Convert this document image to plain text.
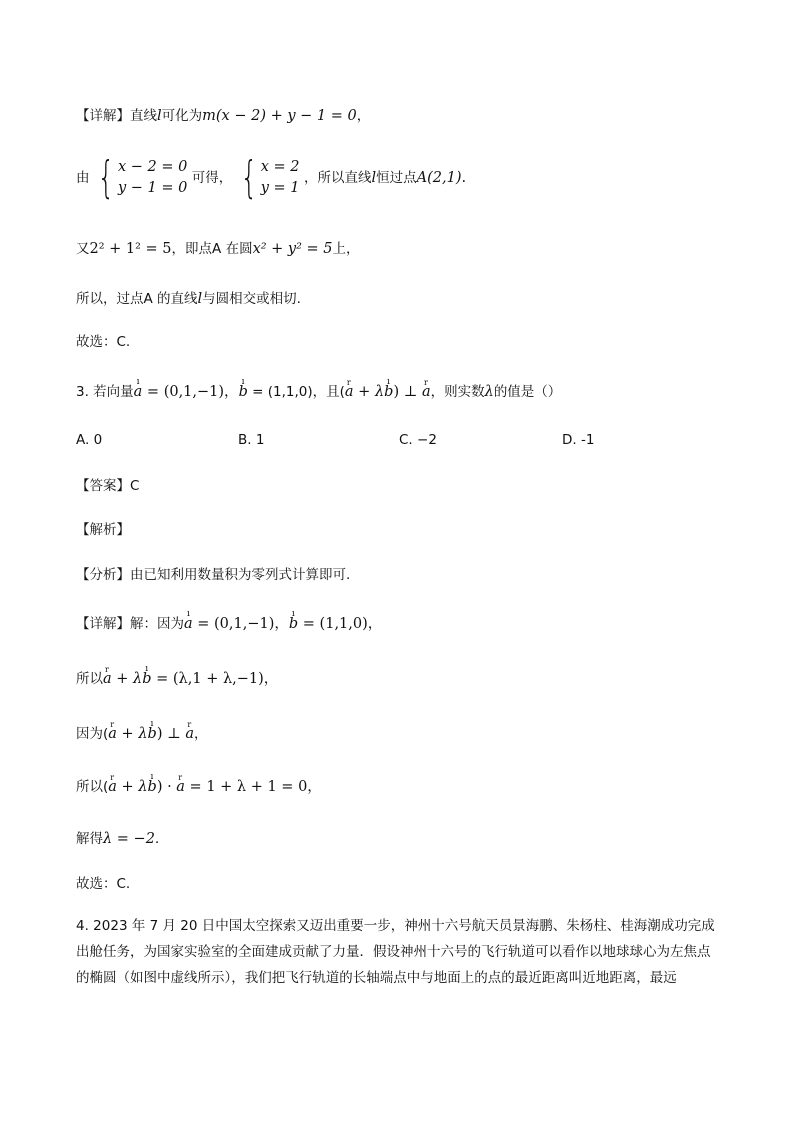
【详解】直线l可化为m(x − 2) + y − 1 = 0，
由 { x − 2 = 0
y − 1 = 0
可得， { x = 2
y = 1
，所以直线l恒过点A(2,1).
又2² + 1² = 5，即点A 在圆x² + y² = 5上，
所以，过点A 的直线l与圆相交或相切.
故选：C.
3. 若向量ı a = (0,1,−1)，ı b = (1,1,0)，且(r a + λı b) ⊥ r a，则实数λ的值是（）
A. 0	B. 1	C. −2	D. -1
【答案】C
【解析】
【分析】由已知利用数量积为零列式计算即可.
【详解】解：因为ı a = (0,1,−1)，ı b = (1,1,0)，
所以r a + λı b = (λ,1 + λ,−1)，
因为(r a + λı b) ⊥ r a，
所以(r a + λı b) · r a = 1 + λ + 1 = 0，
解得λ = −2．
故选：C.
4. 2023 年 7 月 20 日中国太空探索又迈出重要一步，神州十六号航天员景海鹏、朱杨柱、桂海潮成功完成出舱任务，为国家实验室的全面建成贡献了力量．假设神州十六号的飞行轨道可以看作以地球球心为左焦点的椭圆（如图中虚线所示），我们把飞行轨道的长轴端点中与地面上的点的最近距离叫近地距离，最远
